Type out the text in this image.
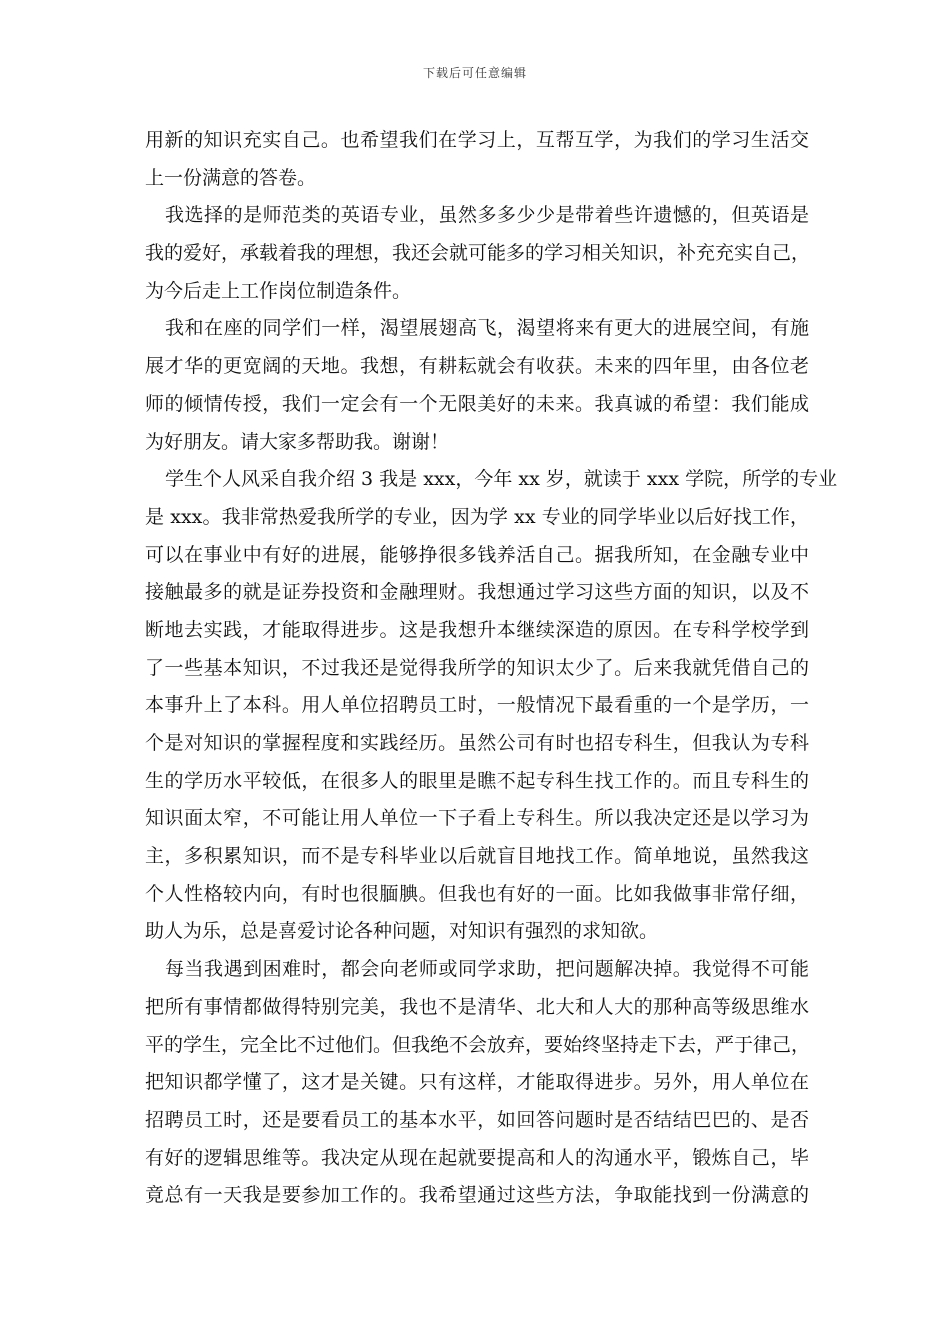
下载后可任意编辑
用新的知识充实自己。也希望我们在学习上，互帮互学，为我们的学习生活交
上一份满意的答卷。
我选择的是师范类的英语专业，虽然多多少少是带着些许遗憾的，但英语是
我的爱好，承载着我的理想，我还会就可能多的学习相关知识，补充充实自己，
为今后走上工作岗位制造条件。
我和在座的同学们一样，渴望展翅高飞，渴望将来有更大的进展空间，有施
展才华的更宽阔的天地。我想，有耕耘就会有收获。未来的四年里，由各位老
师的倾情传授，我们一定会有一个无限美好的未来。我真诚的希望：我们能成
为好朋友。请大家多帮助我。谢谢！
学生个人风采自我介绍 3 我是 xxx，今年 xx 岁，就读于 xxx 学院，所学的专业
是 xxx。我非常热爱我所学的专业，因为学 xx 专业的同学毕业以后好找工作，
可以在事业中有好的进展，能够挣很多钱养活自己。据我所知，在金融专业中
接触最多的就是证券投资和金融理财。我想通过学习这些方面的知识，以及不
断地去实践，才能取得进步。这是我想升本继续深造的原因。在专科学校学到
了一些基本知识，不过我还是觉得我所学的知识太少了。后来我就凭借自己的
本事升上了本科。用人单位招聘员工时，一般情况下最看重的一个是学历，一
个是对知识的掌握程度和实践经历。虽然公司有时也招专科生，但我认为专科
生的学历水平较低，在很多人的眼里是瞧不起专科生找工作的。而且专科生的
知识面太窄，不可能让用人单位一下子看上专科生。所以我决定还是以学习为
主，多积累知识，而不是专科毕业以后就盲目地找工作。简单地说，虽然我这
个人性格较内向，有时也很腼腆。但我也有好的一面。比如我做事非常仔细，
助人为乐，总是喜爱讨论各种问题，对知识有强烈的求知欲。
每当我遇到困难时，都会向老师或同学求助，把问题解决掉。我觉得不可能
把所有事情都做得特别完美，我也不是清华、北大和人大的那种高等级思维水
平的学生，完全比不过他们。但我绝不会放弃，要始终坚持走下去，严于律己，
把知识都学懂了，这才是关键。只有这样，才能取得进步。另外，用人单位在
招聘员工时，还是要看员工的基本水平，如回答问题时是否结结巴巴的、是否
有好的逻辑思维等。我决定从现在起就要提高和人的沟通水平，锻炼自己，毕
竟总有一天我是要参加工作的。我希望通过这些方法，争取能找到一份满意的
